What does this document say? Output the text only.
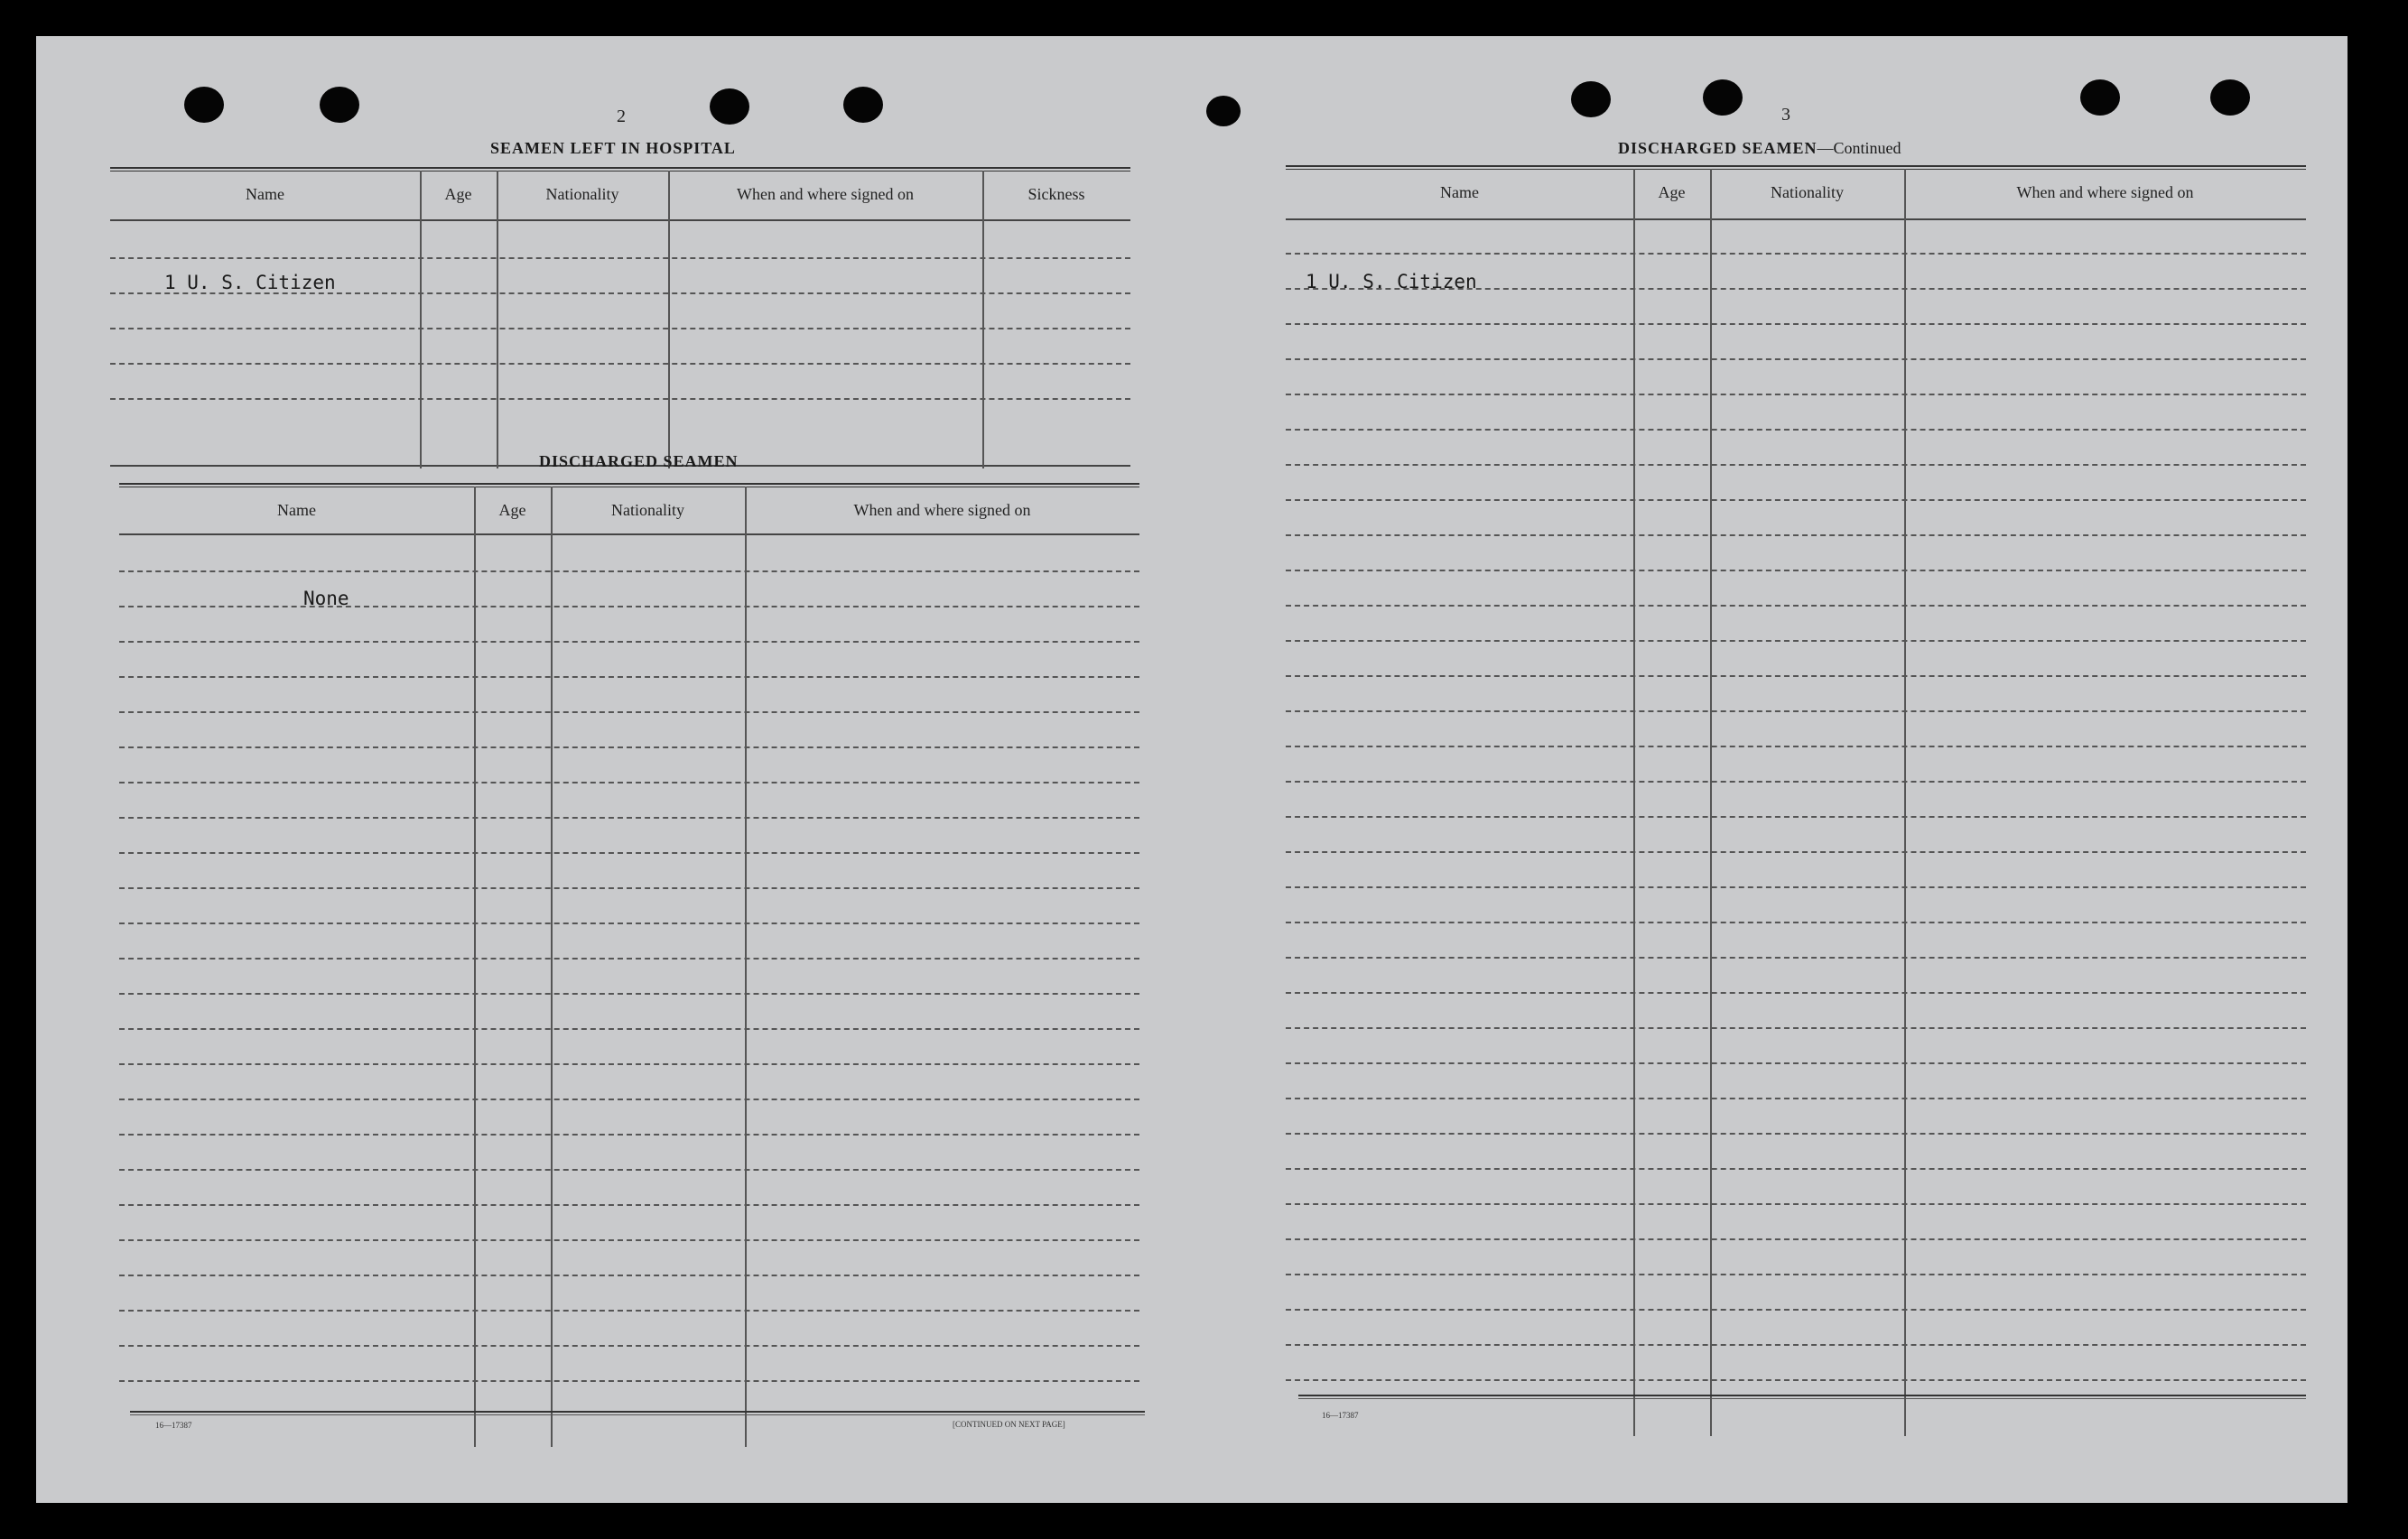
2
SEAMEN LEFT IN HOSPITAL
Name	Age	Nationality	When and where signed on	Sickness
1 U. S. Citizen
DISCHARGED SEAMEN
Name	Age	Nationality	When and where signed on
None
16—17387	[CONTINUED ON NEXT PAGE]
3
DISCHARGED SEAMEN—Continued
Name	Age	Nationality	When and where signed on
1 U. S. Citizen
16—17387
